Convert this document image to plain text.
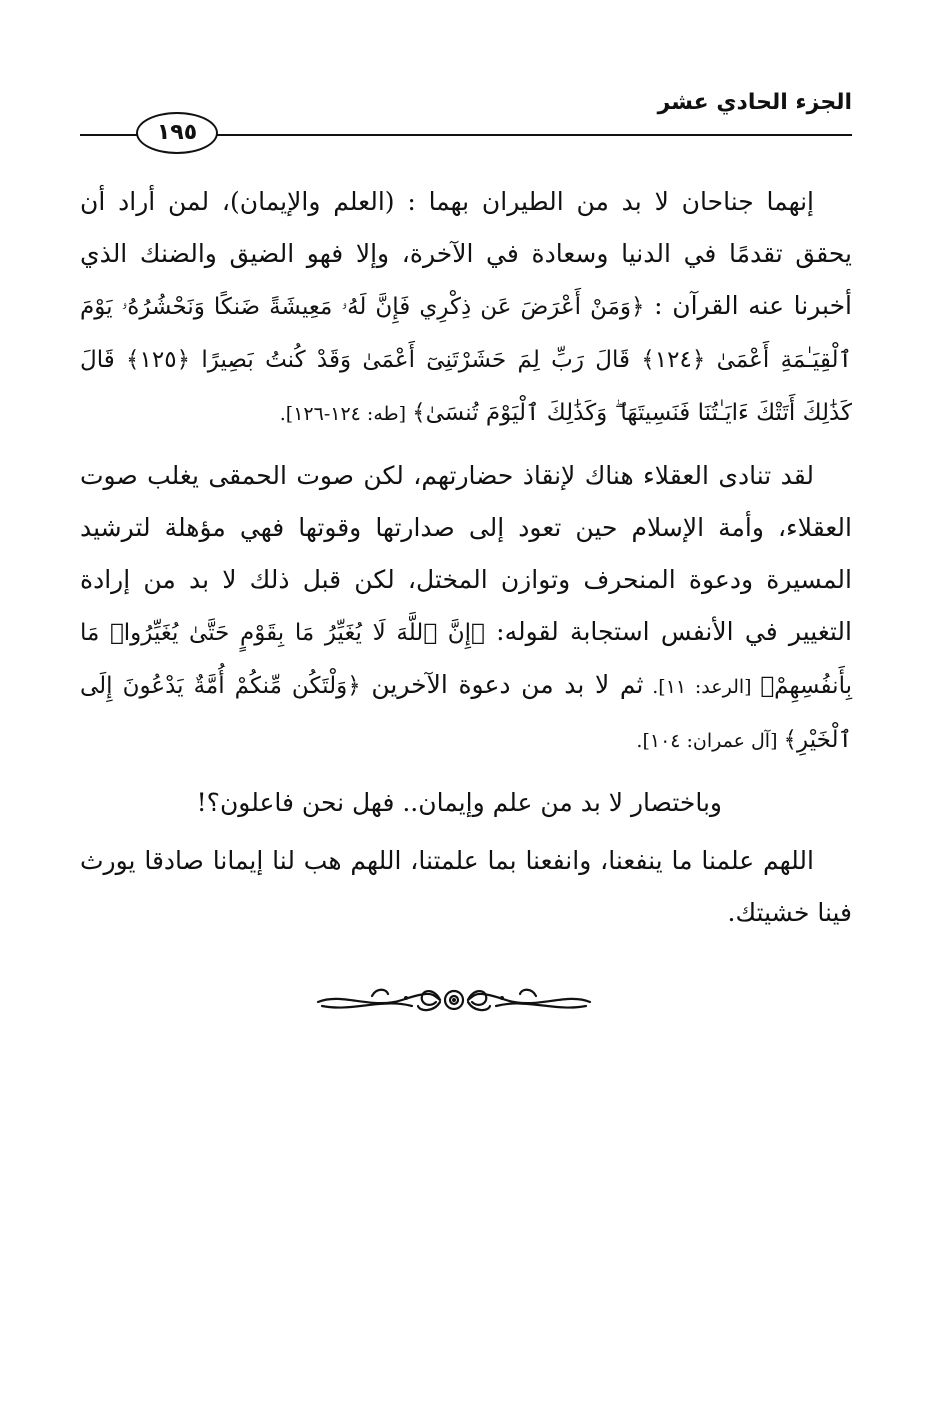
الجزء الحادي عشر
١٩٥

إنهما جناحان لا بد من الطيران بهما : (العلم والإيمان)، لمن أراد أن يحقق تقدمًا في الدنيا وسعادة في الآخرة، وإلا فهو الضيق والضنك الذي أخبرنا عنه القرآن : ﴿وَمَنْ أَعْرَضَ عَن ذِكْرِي فَإِنَّ لَهُۥ مَعِيشَةً ضَنكًا وَنَحْشُرُهُۥ يَوْمَ ٱلْقِيَـٰمَةِ أَعْمَىٰ ﴿١٢٤﴾ قَالَ رَبِّ لِمَ حَشَرْتَنِىٓ أَعْمَىٰ وَقَدْ كُنتُ بَصِيرًا ﴿١٢٥﴾ قَالَ كَذَٰلِكَ أَتَتْكَ ءَايَـٰتُنَا فَنَسِيتَهَا ۖ وَكَذَٰلِكَ ٱلْيَوْمَ تُنسَىٰ﴾ [طه: ١٢٤-١٢٦].

لقد تنادى العقلاء هناك لإنقاذ حضارتهم، لكن صوت الحمقى يغلب صوت العقلاء، وأمة الإسلام حين تعود إلى صدارتها وقوتها فهي مؤهلة لترشيد المسيرة ودعوة المنحرف وتوازن المختل، لكن قبل ذلك لا بد من إرادة التغيير في الأنفس استجابة لقوله: ﴿إِنَّ ٱللَّهَ لَا يُغَيِّرُ مَا بِقَوْمٍ حَتَّىٰ يُغَيِّرُوا۟ مَا بِأَنفُسِهِمْ﴾ [الرعد: ١١]. ثم لا بد من دعوة الآخرين ﴿وَلْتَكُن مِّنكُمْ أُمَّةٌ يَدْعُونَ إِلَى ٱلْخَيْرِ﴾ [آل عمران: ١٠٤].

وباختصار لا بد من علم وإيمان.. فهل نحن فاعلون؟!

اللهم علمنا ما ينفعنا، وانفعنا بما علمتنا، اللهم هب لنا إيمانا صادقا يورث فينا خشيتك.
